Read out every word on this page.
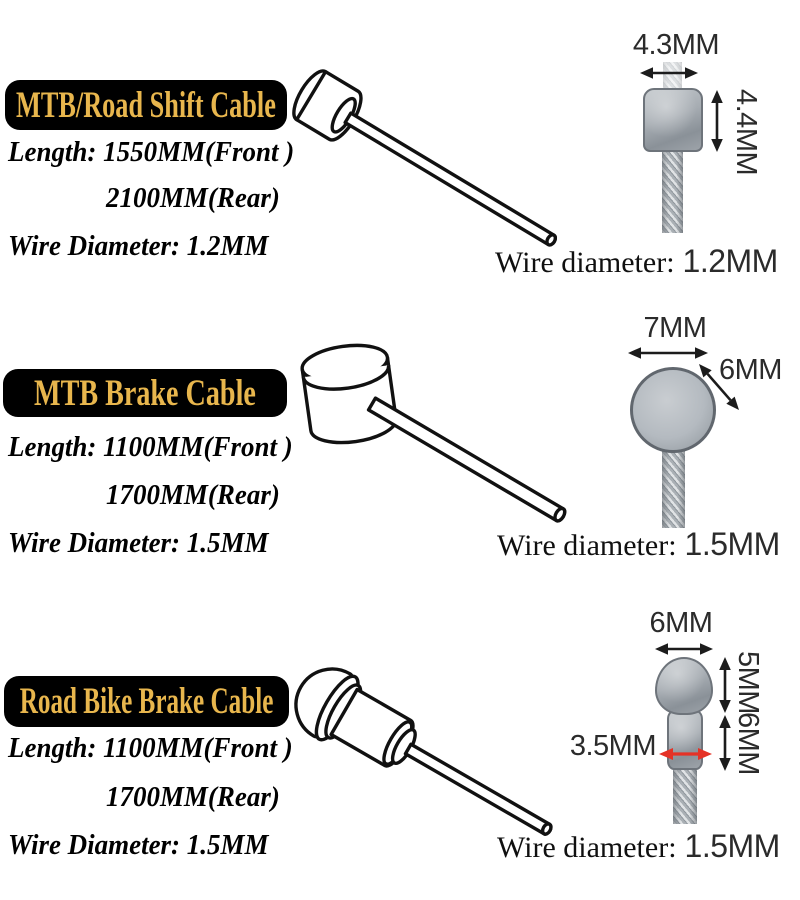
MTB/Road Shift Cable
Length: 1550MM(Front )
2100MM(Rear)
Wire Diameter: 1.2MM
4.3MM
4.4MM
Wire diameter: 1.2MM
MTB Brake Cable
Length: 1100MM(Front )
1700MM(Rear)
Wire Diameter: 1.5MM
7MM
6MM
Wire diameter: 1.5MM
Road Bike Brake Cable
Length: 1100MM(Front )
1700MM(Rear)
Wire Diameter: 1.5MM
6MM
5MM
6MM
3.5MM
Wire diameter: 1.5MM
